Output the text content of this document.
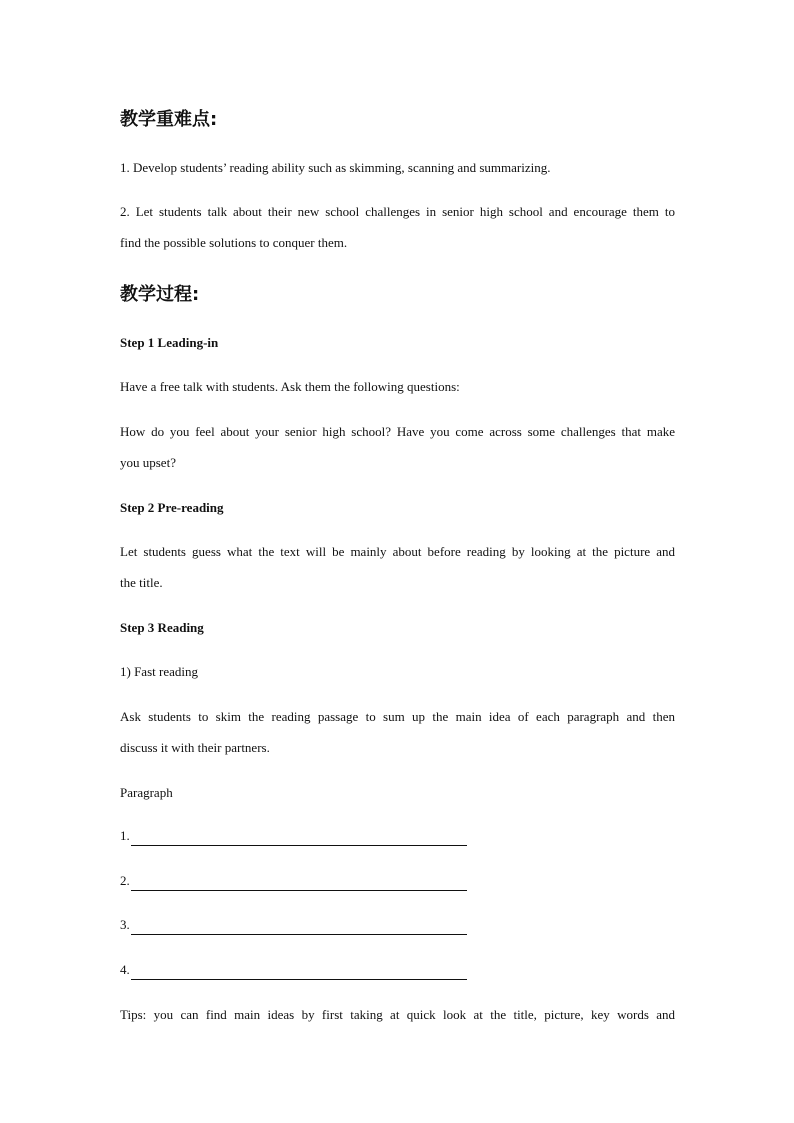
教学重难点:
1. Develop students’ reading ability such as skimming, scanning and summarizing.
2. Let students talk about their new school challenges in senior high school and encourage them to
find the possible solutions to conquer them.
教学过程:
Step 1 Leading-in
Have a free talk with students. Ask them the following questions:
How do you feel about your senior high school? Have you come across some challenges that make
you upset?
Step 2 Pre-reading
Let students guess what the text will be mainly about before reading by looking at the picture and
the title.
Step 3 Reading
1) Fast reading
Ask students to skim the reading passage to sum up the main idea of each paragraph and then
discuss it with their partners.
Paragraph
1.
2.
3.
4.
Tips: you can find main ideas by first taking at quick look at the title, picture, key words and
